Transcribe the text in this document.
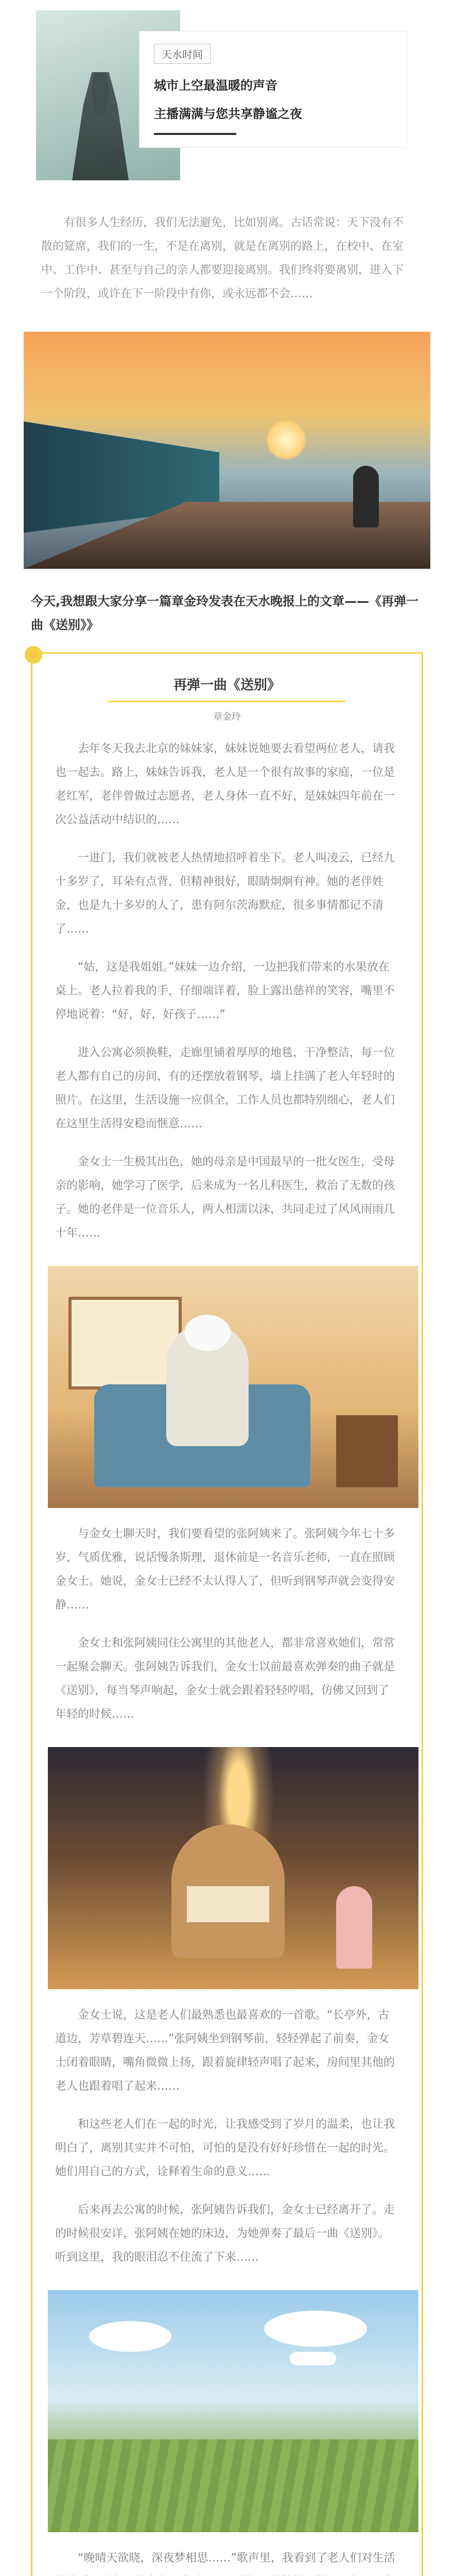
天水时间
城市上空最温暖的声音
主播满满与您共享静谧之夜

有很多人生经历，我们无法避免，比如别离。古话常说：天下没有不散的筵席，我们的一生，不是在离别，就是在离别的路上，在校中、在室中、工作中、甚至与自己的亲人都要迎接离别。我们终将要离别，进入下一个阶段，或许在下一阶段中有你，或永远都不会……

今天,我想跟大家分享一篇章金玲发表在天水晚报上的文章——《再弹一曲《送别》》

再弹一曲《送别》
章金玲

去年冬天我去北京的妹妹家，妹妹说她要去看望两位老人，请我也一起去。路上，妹妹告诉我，老人是一个很有故事的家庭，一位是老红军，老伴曾做过志愿者，老人身体一直不好，是妹妹四年前在一次公益活动中结识的……

一进门，我们就被老人热情地招呼着坐下。老人叫凌云，已经九十多岁了，耳朵有点背，但精神很好，眼睛炯炯有神。她的老伴姓金，也是九十多岁的人了，患有阿尔茨海默症，很多事情都记不清了……

“姑，这是我姐姐。”妹妹一边介绍，一边把我们带来的水果放在桌上。老人拉着我的手，仔细端详着，脸上露出慈祥的笑容，嘴里不停地说着：“好，好，好孩子……”

进入公寓必须换鞋，走廊里铺着厚厚的地毯，干净整洁，每一位老人都有自己的房间，有的还摆放着钢琴，墙上挂满了老人年轻时的照片。在这里，生活设施一应俱全，工作人员也都特别细心，老人们在这里生活得安稳而惬意……

金女士一生极其出色，她的母亲是中国最早的一批女医生，受母亲的影响，她学习了医学，后来成为一名儿科医生，救治了无数的孩子。她的老伴是一位音乐人，两人相濡以沫，共同走过了风风雨雨几十年……

与金女士聊天时，我们要看望的张阿姨来了。张阿姨今年七十多岁，气质优雅，说话慢条斯理，退休前是一名音乐老师，一直在照顾金女士。她说，金女士已经不太认得人了，但听到钢琴声就会变得安静……

金女士和张阿姨同住公寓里的其他老人，都非常喜欢她们，常常一起聚会聊天。张阿姨告诉我们，金女士以前最喜欢弹奏的曲子就是《送别》，每当琴声响起，金女士就会跟着轻轻哼唱，仿佛又回到了年轻的时候……

金女士说，这是老人们最熟悉也最喜欢的一首歌。“长亭外，古道边，芳草碧连天……”张阿姨坐到钢琴前，轻轻弹起了前奏，金女士闭着眼睛，嘴角微微上扬，跟着旋律轻声唱了起来，房间里其他的老人也跟着唱了起来……

和这些老人们在一起的时光，让我感受到了岁月的温柔，也让我明白了，离别其实并不可怕，可怕的是没有好好珍惜在一起的时光。她们用自己的方式，诠释着生命的意义……

后来再去公寓的时候，张阿姨告诉我们，金女士已经离开了。走的时候很安详，张阿姨在她的床边，为她弹奏了最后一曲《送别》。听到这里，我的眼泪忍不住流了下来……

“晚晴天欲晓，深夜梦相思……”歌声里，我看到了老人们对生活
